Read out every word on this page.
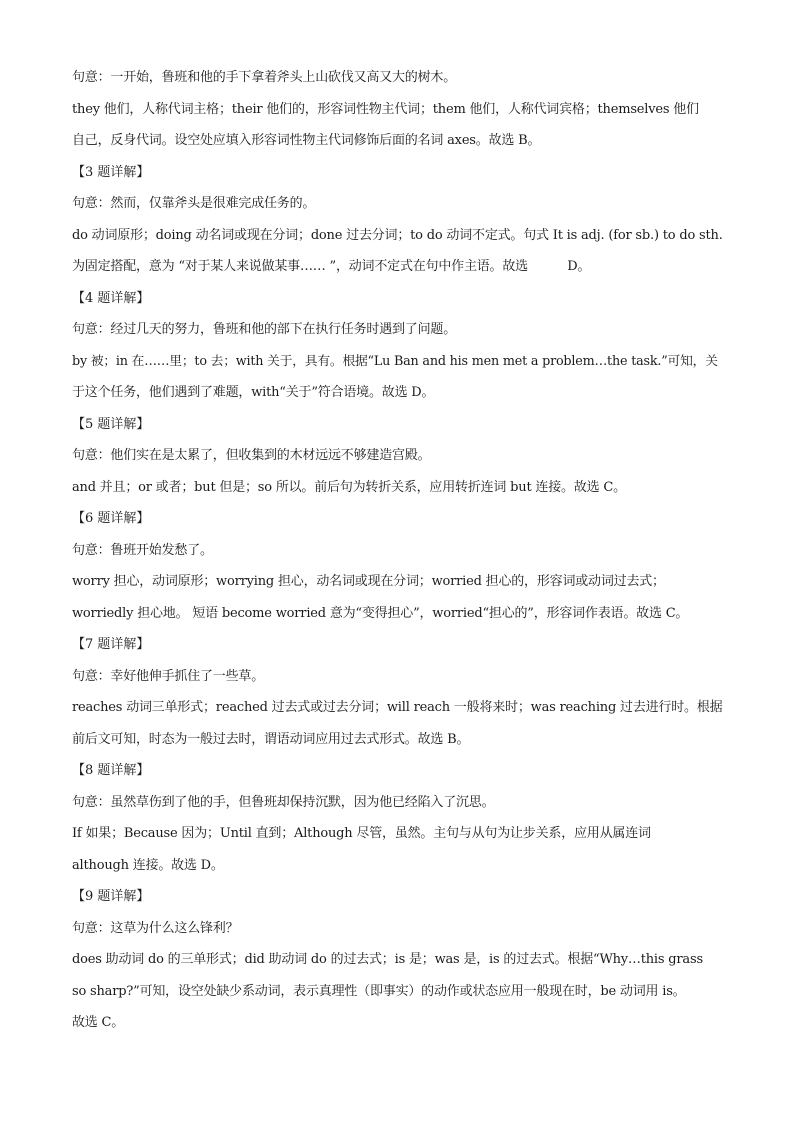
句意：一开始，鲁班和他的手下拿着斧头上山砍伐又高又大的树木。
they 他们，人称代词主格；their 他们的，形容词性物主代词；them 他们，人称代词宾格；themselves 他们
自己，反身代词。设空处应填入形容词性物主代词修饰后面的名词 axes。故选 B。
【3 题详解】
句意：然而，仅靠斧头是很难完成任务的。
do 动词原形；doing 动名词或现在分词；done 过去分词；to do 动词不定式。句式 It is adj. (for sb.) to do sth.
为固定搭配，意为 “对于某人来说做某事…… ”，动词不定式在句中作主语。故选          D。
【4 题详解】
句意：经过几天的努力，鲁班和他的部下在执行任务时遇到了问题。
by 被；in 在……里；to 去；with 关于，具有。根据“Lu Ban and his men met a problem…the task.”可知，关
于这个任务，他们遇到了难题，with“关于”符合语境。故选 D。
【5 题详解】
句意：他们实在是太累了，但收集到的木材远远不够建造宫殿。
and 并且；or 或者；but 但是；so 所以。前后句为转折关系，应用转折连词 but 连接。故选 C。
【6 题详解】
句意：鲁班开始发愁了。
worry 担心，动词原形；worrying 担心，动名词或现在分词；worried 担心的，形容词或动词过去式；
worriedly 担心地。 短语 become worried 意为“变得担心”，worried“担心的”，形容词作表语。故选 C。
【7 题详解】
句意：幸好他伸手抓住了一些草。
reaches 动词三单形式；reached 过去式或过去分词；will reach 一般将来时；was reaching 过去进行时。根据
前后文可知，时态为一般过去时，谓语动词应用过去式形式。故选 B。
【8 题详解】
句意：虽然草伤到了他的手，但鲁班却保持沉默，因为他已经陷入了沉思。
If 如果；Because 因为；Until 直到；Although 尽管，虽然。主句与从句为让步关系，应用从属连词
although 连接。故选 D。
【9 题详解】
句意：这草为什么这么锋利？
does 助动词 do 的三单形式；did 助动词 do 的过去式；is 是；was 是，is 的过去式。根据“Why…this grass
so sharp?”可知，设空处缺少系动词，表示真理性（即事实）的动作或状态应用一般现在时，be 动词用 is。
故选 C。
